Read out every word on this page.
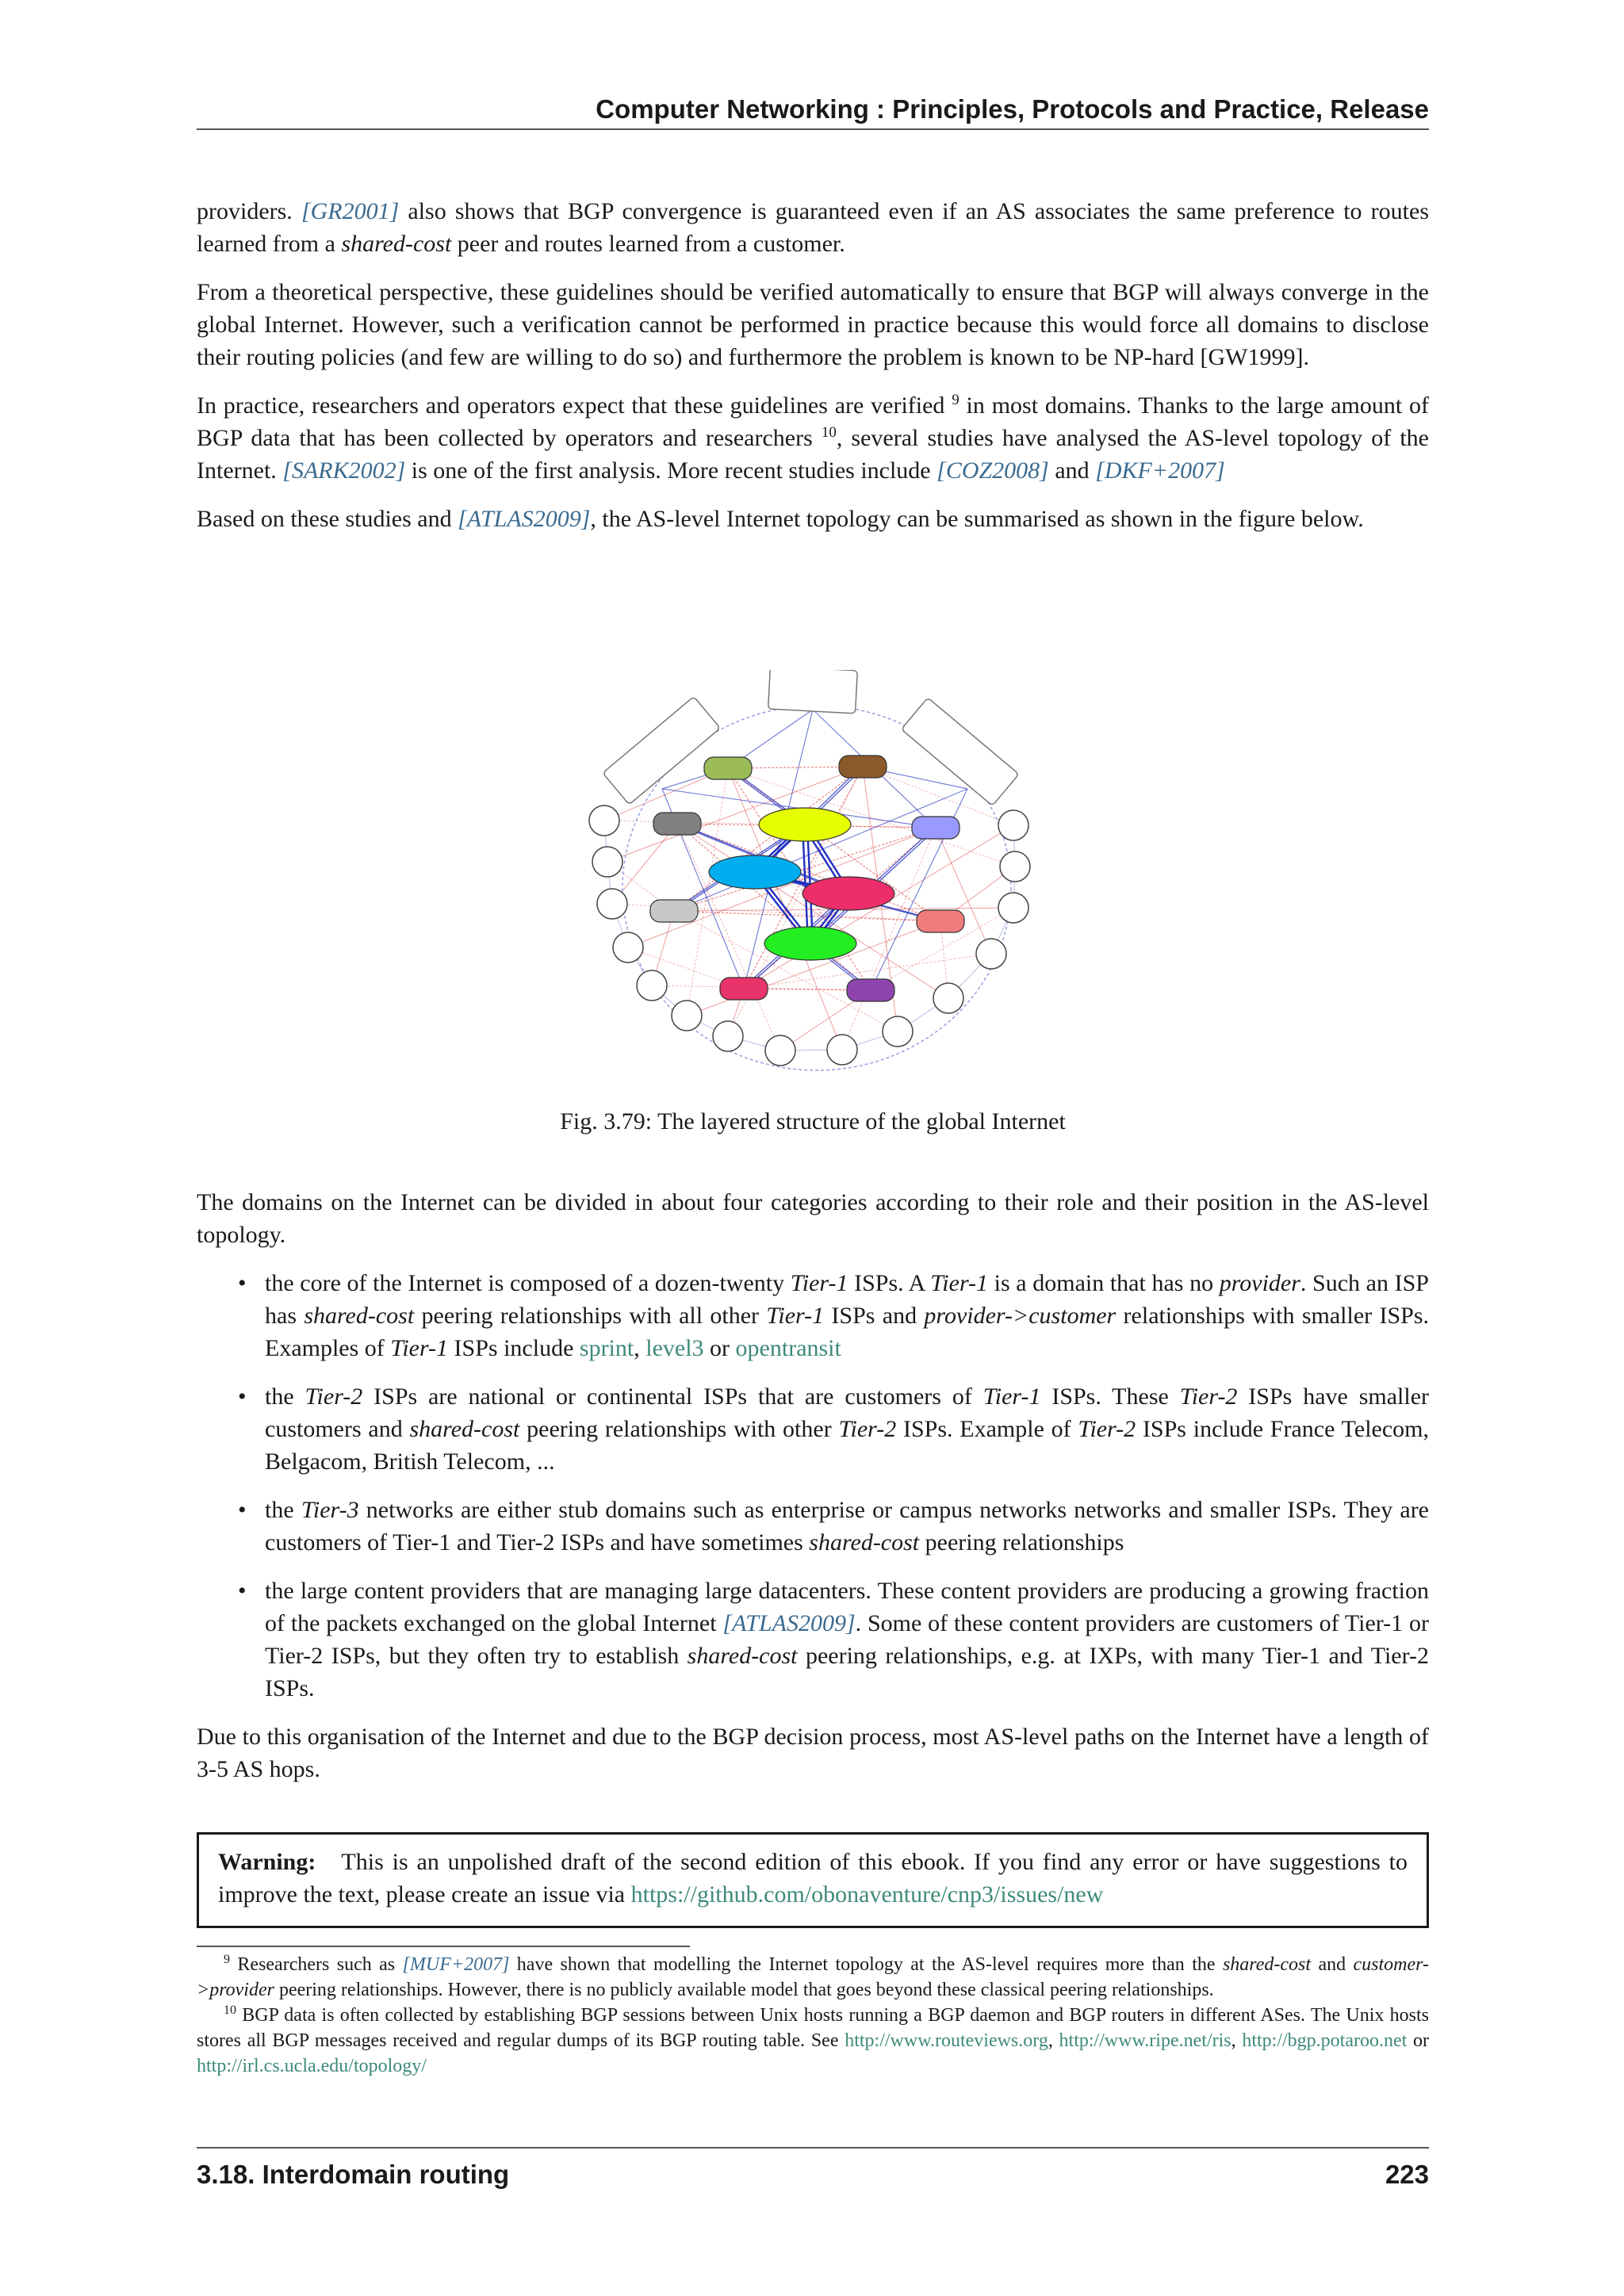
Computer Networking : Principles, Protocols and Practice, Release

providers. [GR2001] also shows that BGP convergence is guaranteed even if an AS associates the same preference to routes learned from a shared-cost peer and routes learned from a customer.

From a theoretical perspective, these guidelines should be verified automatically to ensure that BGP will always converge in the global Internet. However, such a verification cannot be performed in practice because this would force all domains to disclose their routing policies (and few are willing to do so) and furthermore the problem is known to be NP-hard [GW1999].

In practice, researchers and operators expect that these guidelines are verified $^9$ in most domains. Thanks to the large amount of BGP data that has been collected by operators and researchers $^{10}$, several studies have analysed the AS-level topology of the Internet. [SARK2002] is one of the first analysis. More recent studies include [COZ2008] and [DKF+2007]

Based on these studies and [ATLAS2009], the AS-level Internet topology can be summarised as shown in the figure below.

Fig. 3.79: The layered structure of the global Internet

The domains on the Internet can be divided in about four categories according to their role and their position in the AS-level topology.

• the core of the Internet is composed of a dozen-twenty Tier-1 ISPs. A Tier-1 is a domain that has no provider. Such an ISP has shared-cost peering relationships with all other Tier-1 ISPs and provider->customer relationships with smaller ISPs. Examples of Tier-1 ISPs include sprint, level3 or opentransit
• the Tier-2 ISPs are national or continental ISPs that are customers of Tier-1 ISPs. These Tier-2 ISPs have smaller customers and shared-cost peering relationships with other Tier-2 ISPs. Example of Tier-2 ISPs include France Telecom, Belgacom, British Telecom, ...
• the Tier-3 networks are either stub domains such as enterprise or campus networks networks and smaller ISPs. They are customers of Tier-1 and Tier-2 ISPs and have sometimes shared-cost peering relationships
• the large content providers that are managing large datacenters. These content providers are producing a growing fraction of the packets exchanged on the global Internet [ATLAS2009]. Some of these content providers are customers of Tier-1 or Tier-2 ISPs, but they often try to establish shared-cost peering relationships, e.g. at IXPs, with many Tier-1 and Tier-2 ISPs.

Due to this organisation of the Internet and due to the BGP decision process, most AS-level paths on the Internet have a length of 3-5 AS hops.

Warning: This is an unpolished draft of the second edition of this ebook. If you find any error or have suggestions to improve the text, please create an issue via https://github.com/obonaventure/cnp3/issues/new

$^9$ Researchers such as [MUF+2007] have shown that modelling the Internet topology at the AS-level requires more than the shared-cost and customer->provider peering relationships. However, there is no publicly available model that goes beyond these classical peering relationships.

$^{10}$ BGP data is often collected by establishing BGP sessions between Unix hosts running a BGP daemon and BGP routers in different ASes. The Unix hosts stores all BGP messages received and regular dumps of its BGP routing table. See http://www.routeviews.org, http://www.ripe.net/ris, http://bgp.potaroo.net or http://irl.cs.ucla.edu/topology/

3.18. Interdomain routing	223
